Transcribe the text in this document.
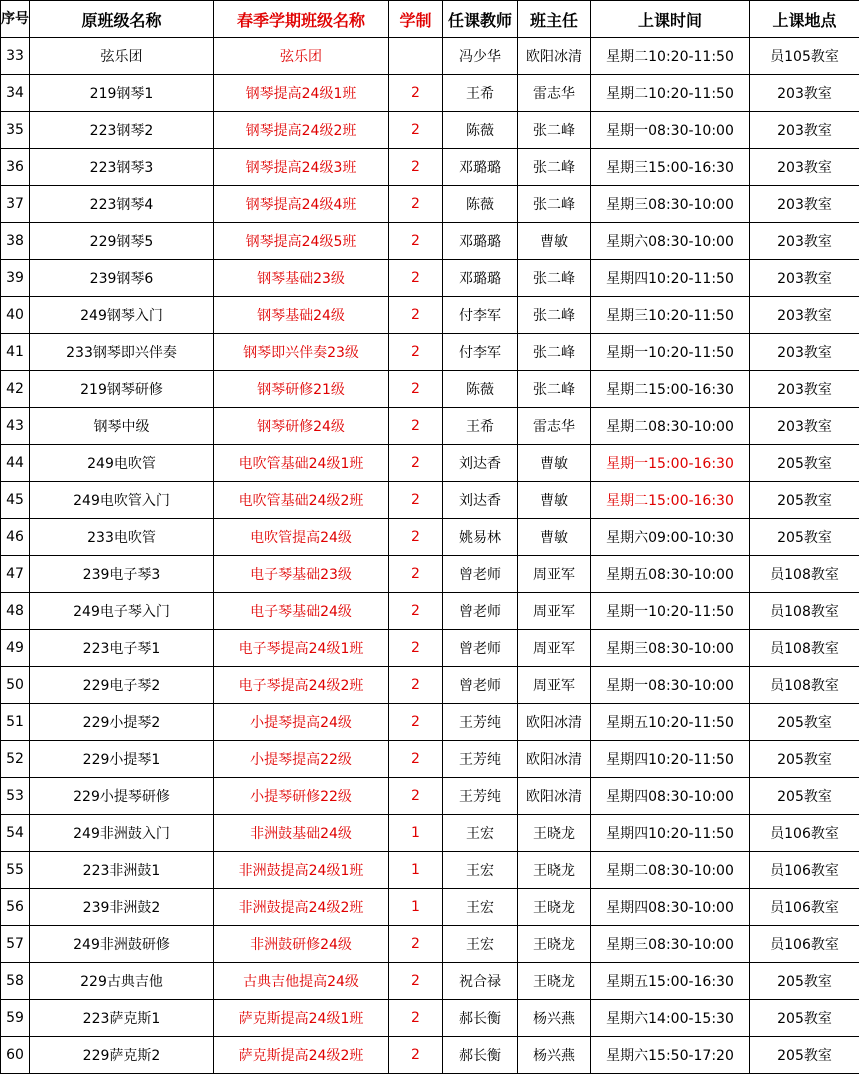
序号	原班级名称	春季学期班级名称	学制	任课教师	班主任	上课时间	上课地点
33	弦乐团	弦乐团		冯少华	欧阳冰清	星期二10:20-11:50	员105教室
34	219钢琴1	钢琴提高24级1班	2	王希	雷志华	星期二10:20-11:50	203教室
35	223钢琴2	钢琴提高24级2班	2	陈薇	张二峰	星期一08:30-10:00	203教室
36	223钢琴3	钢琴提高24级3班	2	邓璐璐	张二峰	星期三15:00-16:30	203教室
37	223钢琴4	钢琴提高24级4班	2	陈薇	张二峰	星期三08:30-10:00	203教室
38	229钢琴5	钢琴提高24级5班	2	邓璐璐	曹敏	星期六08:30-10:00	203教室
39	239钢琴6	钢琴基础23级	2	邓璐璐	张二峰	星期四10:20-11:50	203教室
40	249钢琴入门	钢琴基础24级	2	付李军	张二峰	星期三10:20-11:50	203教室
41	233钢琴即兴伴奏	钢琴即兴伴奏23级	2	付李军	张二峰	星期一10:20-11:50	203教室
42	219钢琴研修	钢琴研修21级	2	陈薇	张二峰	星期二15:00-16:30	203教室
43	钢琴中级	钢琴研修24级	2	王希	雷志华	星期二08:30-10:00	203教室
44	249电吹管	电吹管基础24级1班	2	刘达香	曹敏	星期一15:00-16:30	205教室
45	249电吹管入门	电吹管基础24级2班	2	刘达香	曹敏	星期二15:00-16:30	205教室
46	233电吹管	电吹管提高24级	2	姚易林	曹敏	星期六09:00-10:30	205教室
47	239电子琴3	电子琴基础23级	2	曾老师	周亚军	星期五08:30-10:00	员108教室
48	249电子琴入门	电子琴基础24级	2	曾老师	周亚军	星期一10:20-11:50	员108教室
49	223电子琴1	电子琴提高24级1班	2	曾老师	周亚军	星期三08:30-10:00	员108教室
50	229电子琴2	电子琴提高24级2班	2	曾老师	周亚军	星期一08:30-10:00	员108教室
51	229小提琴2	小提琴提高24级	2	王芳纯	欧阳冰清	星期五10:20-11:50	205教室
52	229小提琴1	小提琴提高22级	2	王芳纯	欧阳冰清	星期四10:20-11:50	205教室
53	229小提琴研修	小提琴研修22级	2	王芳纯	欧阳冰清	星期四08:30-10:00	205教室
54	249非洲鼓入门	非洲鼓基础24级	1	王宏	王晓龙	星期四10:20-11:50	员106教室
55	223非洲鼓1	非洲鼓提高24级1班	1	王宏	王晓龙	星期二08:30-10:00	员106教室
56	239非洲鼓2	非洲鼓提高24级2班	1	王宏	王晓龙	星期四08:30-10:00	员106教室
57	249非洲鼓研修	非洲鼓研修24级	2	王宏	王晓龙	星期三08:30-10:00	员106教室
58	229古典吉他	古典吉他提高24级	2	祝合禄	王晓龙	星期五15:00-16:30	205教室
59	223萨克斯1	萨克斯提高24级1班	2	郝长衡	杨兴燕	星期六14:00-15:30	205教室
60	229萨克斯2	萨克斯提高24级2班	2	郝长衡	杨兴燕	星期六15:50-17:20	205教室
